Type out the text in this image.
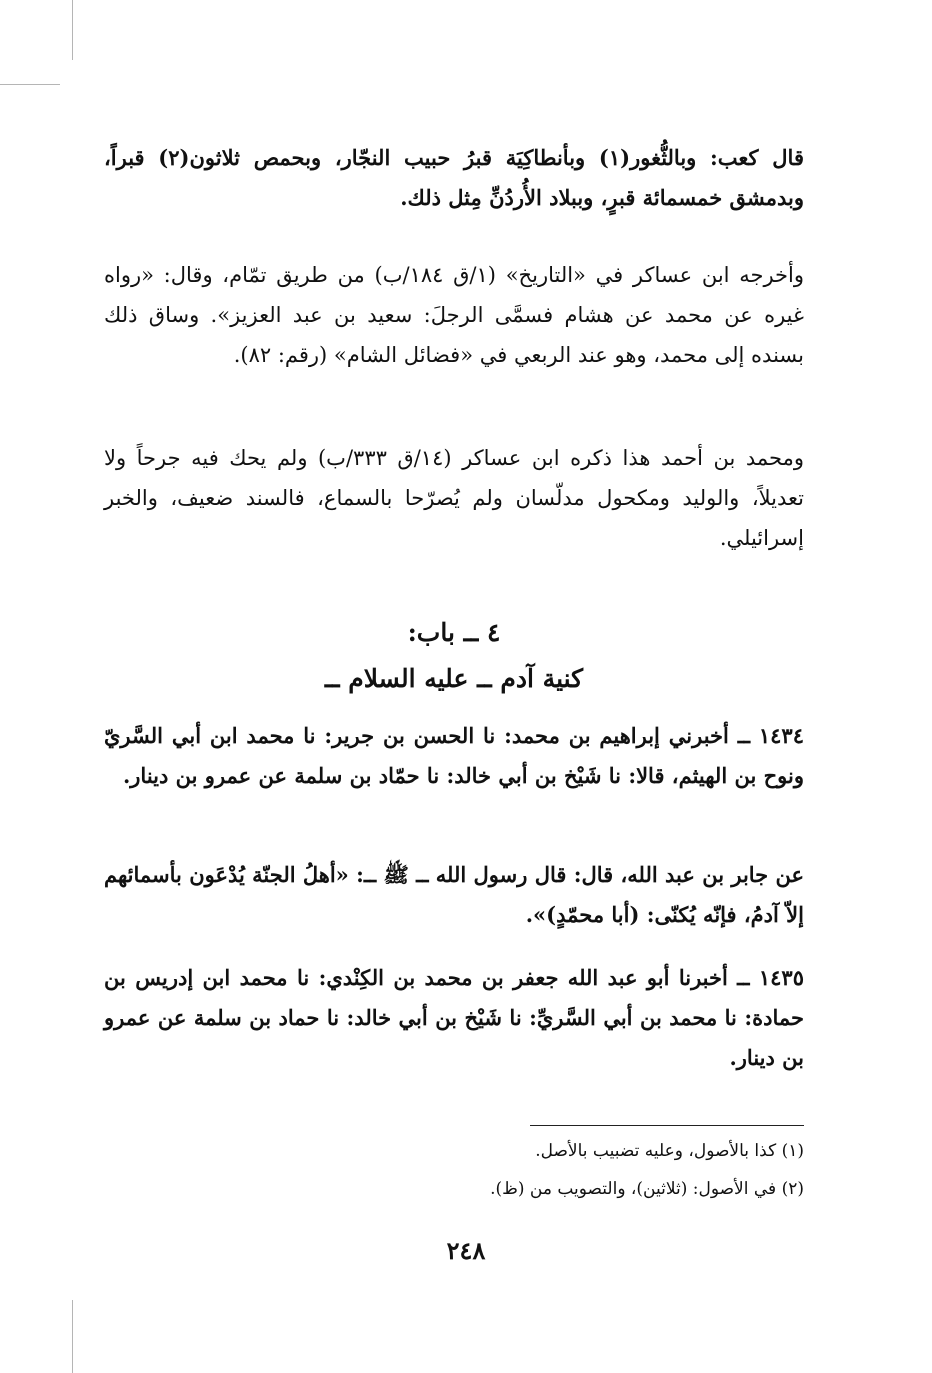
قال كعب: وبالثُّغور(١) وبأنطاكِيَة قبرُ حبيب النجّار، وبحمص ثلاثون(٢) قبراً، وبدمشق خمسمائة قبرٍ، وببلاد الأُردُنِّ مِثل ذلك.

وأخرجه ابن عساكر في «التاريخ» (١/ق ١٨٤/ب) من طريق تمّام، وقال: «رواه غيره عن محمد عن هشام فسمَّى الرجلَ: سعيد بن عبد العزيز». وساق ذلك بسنده إلى محمد، وهو عند الربعي في «فضائل الشام» (رقم: ٨٢).

ومحمد بن أحمد هذا ذكره ابن عساكر (١٤/ق ٣٣٣/ب) ولم يحك فيه جرحاً ولا تعديلاً، والوليد ومكحول مدلّسان ولم يُصرّحا بالسماع، فالسند ضعيف، والخبر إسرائيلي.

٤ ــ باب:
كنية آدم ــ عليه السلام ــ

١٤٣٤ ــ أخبرني إبراهيم بن محمد: نا الحسن بن جرير: نا محمد ابن أبي السَّريّ ونوح بن الهيثم، قالا: نا شَيْخ بن أبي خالد: نا حمّاد بن سلمة عن عمرو بن دينار.

عن جابر بن عبد الله، قال: قال رسول الله ــ ﷺ ــ: «أهلُ الجنّة يُدْعَون بأسمائهم إلاّ آدمُ، فإنّه يُكنّى: (أبا محمّدٍ)».

١٤٣٥ ــ أخبرنا أبو عبد الله جعفر بن محمد بن الكِنْدي: نا محمد ابن إدريس بن حمادة: نا محمد بن أبي السَّريِّ: نا شَيْخ بن أبي خالد: نا حماد بن سلمة عن عمرو بن دينار.

(١) كذا بالأصول، وعليه تضبيب بالأصل.
(٢) في الأصول: (ثلاثين)، والتصويب من (ظ).
٢٤٨
